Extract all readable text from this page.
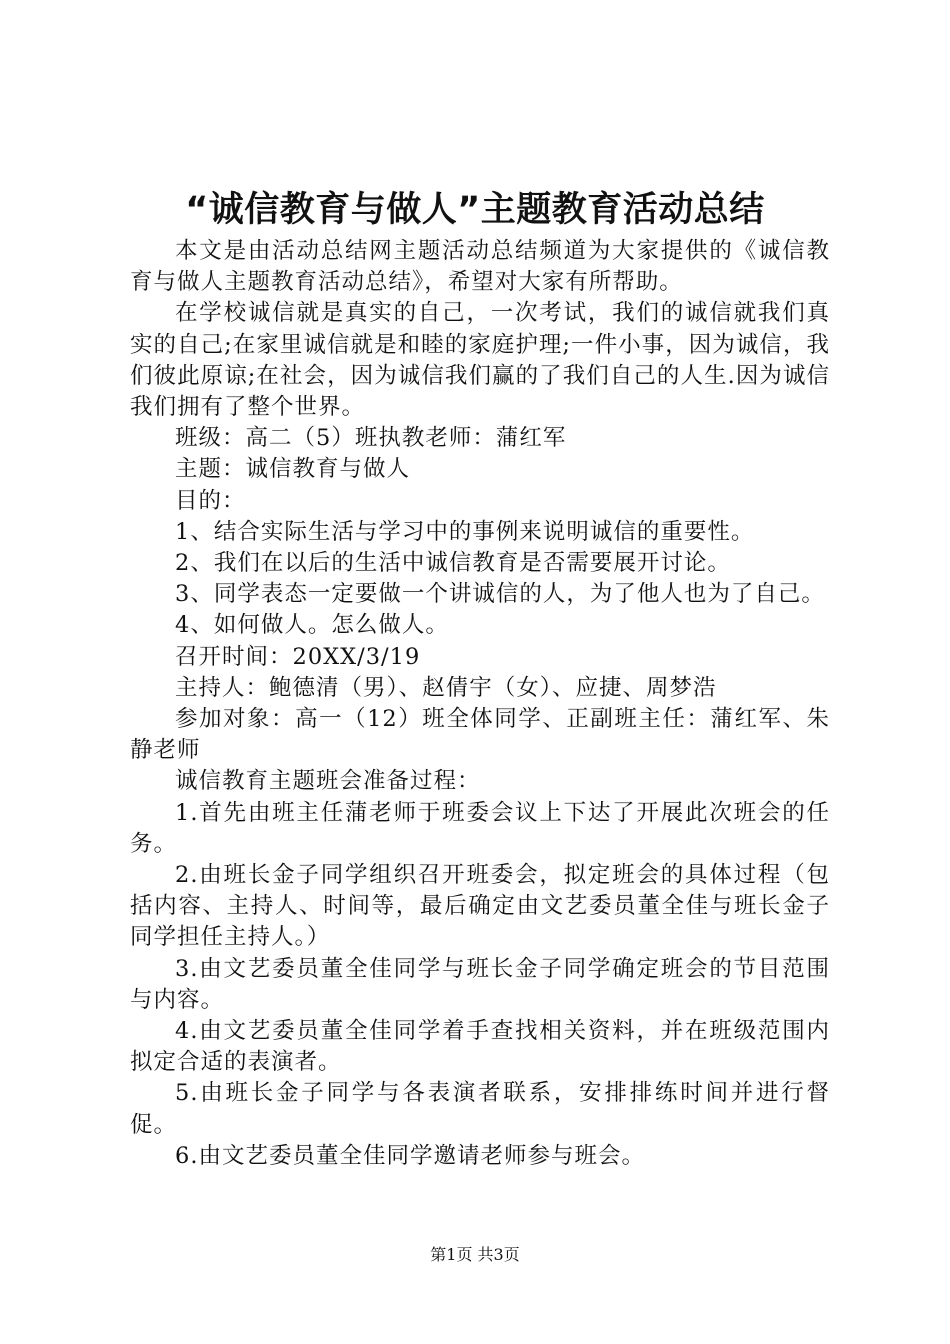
“诚信教育与做人”主题教育活动总结

本文是由活动总结网主题活动总结频道为大家提供的《诚信教育与做人主题教育活动总结》，希望对大家有所帮助。

在学校诚信就是真实的自己，一次考试，我们的诚信就我们真实的自己;在家里诚信就是和睦的家庭护理;一件小事，因为诚信，我们彼此原谅;在社会，因为诚信我们赢的了我们自己的人生.因为诚信我们拥有了整个世界。

班级：高二（5）班执教老师：蒲红军

主题：诚信教育与做人

目的：

1、结合实际生活与学习中的事例来说明诚信的重要性。

2、我们在以后的生活中诚信教育是否需要展开讨论。

3、同学表态一定要做一个讲诚信的人，为了他人也为了自己。

4、如何做人。怎么做人。

召开时间：20XX/3/19

主持人：鲍德清（男）、赵倩宇（女）、应捷、周梦浩

参加对象：高一（12）班全体同学、正副班主任：蒲红军、朱静老师

诚信教育主题班会准备过程：

1.首先由班主任蒲老师于班委会议上下达了开展此次班会的任务。

2.由班长金子同学组织召开班委会，拟定班会的具体过程（包括内容、主持人、时间等，最后确定由文艺委员董全佳与班长金子同学担任主持人。）

3.由文艺委员董全佳同学与班长金子同学确定班会的节目范围与内容。

4.由文艺委员董全佳同学着手查找相关资料，并在班级范围内拟定合适的表演者。

5.由班长金子同学与各表演者联系，安排排练时间并进行督促。

6.由文艺委员董全佳同学邀请老师参与班会。

第1页 共3页
